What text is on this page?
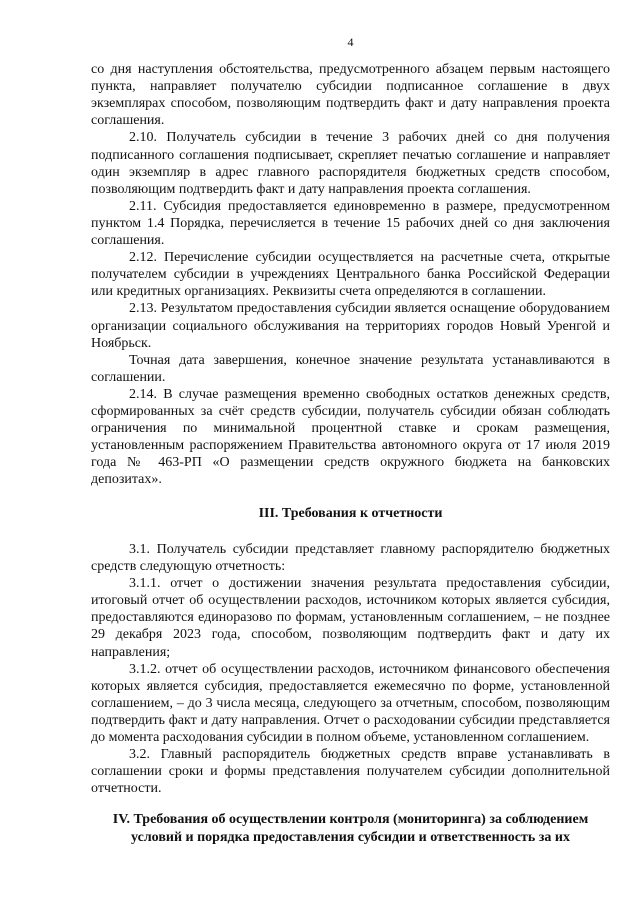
4

со дня наступления обстоятельства, предусмотренного абзацем первым настоящего пункта, направляет получателю субсидии подписанное соглашение в двух экземплярах способом, позволяющим подтвердить факт и дату направления проекта соглашения.

2.10. Получатель субсидии в течение 3 рабочих дней со дня получения подписанного соглашения подписывает, скрепляет печатью соглашение и направляет один экземпляр в адрес главного распорядителя бюджетных средств способом, позволяющим подтвердить факт и дату направления проекта соглашения.

2.11. Субсидия предоставляется единовременно в размере, предусмотренном пунктом 1.4 Порядка, перечисляется в течение 15 рабочих дней со дня заключения соглашения.

2.12. Перечисление субсидии осуществляется на расчетные счета, открытые получателем субсидии в учреждениях Центрального банка Российской Федерации или кредитных организациях. Реквизиты счета определяются в соглашении.

2.13. Результатом предоставления субсидии является оснащение оборудованием организации социального обслуживания на территориях городов Новый Уренгой и Ноябрьск.

Точная дата завершения, конечное значение результата устанавливаются в соглашении.

2.14. В случае размещения временно свободных остатков денежных средств, сформированных за счёт средств субсидии, получатель субсидии обязан соблюдать ограничения по минимальной процентной ставке и срокам размещения, установленным распоряжением Правительства автономного округа от 17 июля 2019 года № 463-РП «О размещении средств окружного бюджета на банковских депозитах».

III. Требования к отчетности

3.1. Получатель субсидии представляет главному распорядителю бюджетных средств следующую отчетность:

3.1.1. отчет о достижении значения результата предоставления субсидии, итоговый отчет об осуществлении расходов, источником которых является субсидия, предоставляются единоразово по формам, установленным соглашением, – не позднее 29 декабря 2023 года, способом, позволяющим подтвердить факт и дату их направления;

3.1.2. отчет об осуществлении расходов, источником финансового обеспечения которых является субсидия, предоставляется ежемесячно по форме, установленной соглашением, – до 3 числа месяца, следующего за отчетным, способом, позволяющим подтвердить факт и дату направления. Отчет о расходовании субсидии представляется до момента расходования субсидии в полном объеме, установленном соглашением.

3.2. Главный распорядитель бюджетных средств вправе устанавливать в соглашении сроки и формы представления получателем субсидии дополнительной отчетности.

IV. Требования об осуществлении контроля (мониторинга) за соблюдением условий и порядка предоставления субсидии и ответственность за их
